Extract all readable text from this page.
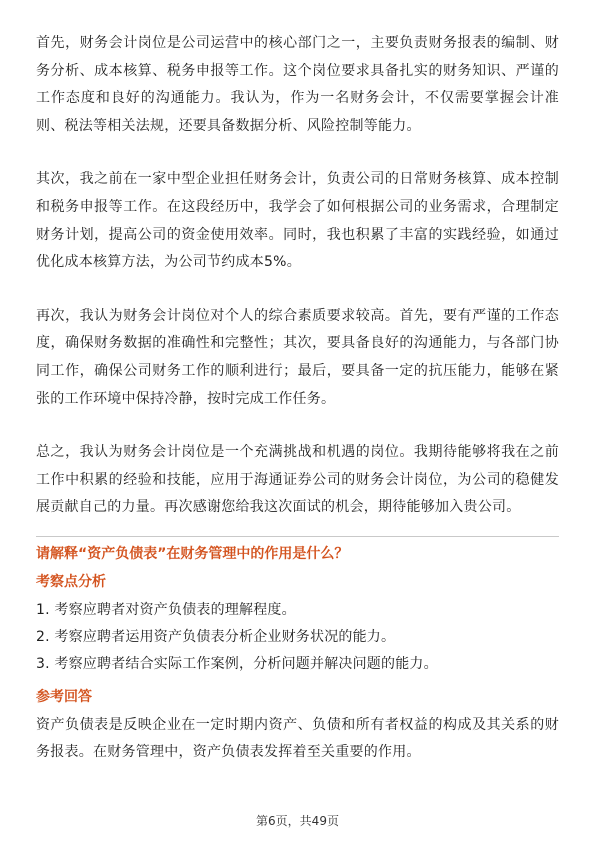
首先，财务会计岗位是公司运营中的核心部门之一，主要负责财务报表的编制、财务分析、成本核算、税务申报等工作。这个岗位要求具备扎实的财务知识、严谨的工作态度和良好的沟通能力。我认为，作为一名财务会计，不仅需要掌握会计准则、税法等相关法规，还要具备数据分析、风险控制等能力。

其次，我之前在一家中型企业担任财务会计，负责公司的日常财务核算、成本控制和税务申报等工作。在这段经历中，我学会了如何根据公司的业务需求，合理制定财务计划，提高公司的资金使用效率。同时，我也积累了丰富的实践经验，如通过优化成本核算方法，为公司节约成本5%。

再次，我认为财务会计岗位对个人的综合素质要求较高。首先，要有严谨的工作态度，确保财务数据的准确性和完整性；其次，要具备良好的沟通能力，与各部门协同工作，确保公司财务工作的顺利进行；最后，要具备一定的抗压能力，能够在紧张的工作环境中保持冷静，按时完成工作任务。

总之，我认为财务会计岗位是一个充满挑战和机遇的岗位。我期待能够将我在之前工作中积累的经验和技能，应用于海通证券公司的财务会计岗位，为公司的稳健发展贡献自己的力量。再次感谢您给我这次面试的机会，期待能够加入贵公司。

请解释“资产负债表”在财务管理中的作用是什么？
考察点分析
1. 考察应聘者对资产负债表的理解程度。
2. 考察应聘者运用资产负债表分析企业财务状况的能力。
3. 考察应聘者结合实际工作案例，分析问题并解决问题的能力。
参考回答

资产负债表是反映企业在一定时期内资产、负债和所有者权益的构成及其关系的财务报表。在财务管理中，资产负债表发挥着至关重要的作用。

第6页，共49页
